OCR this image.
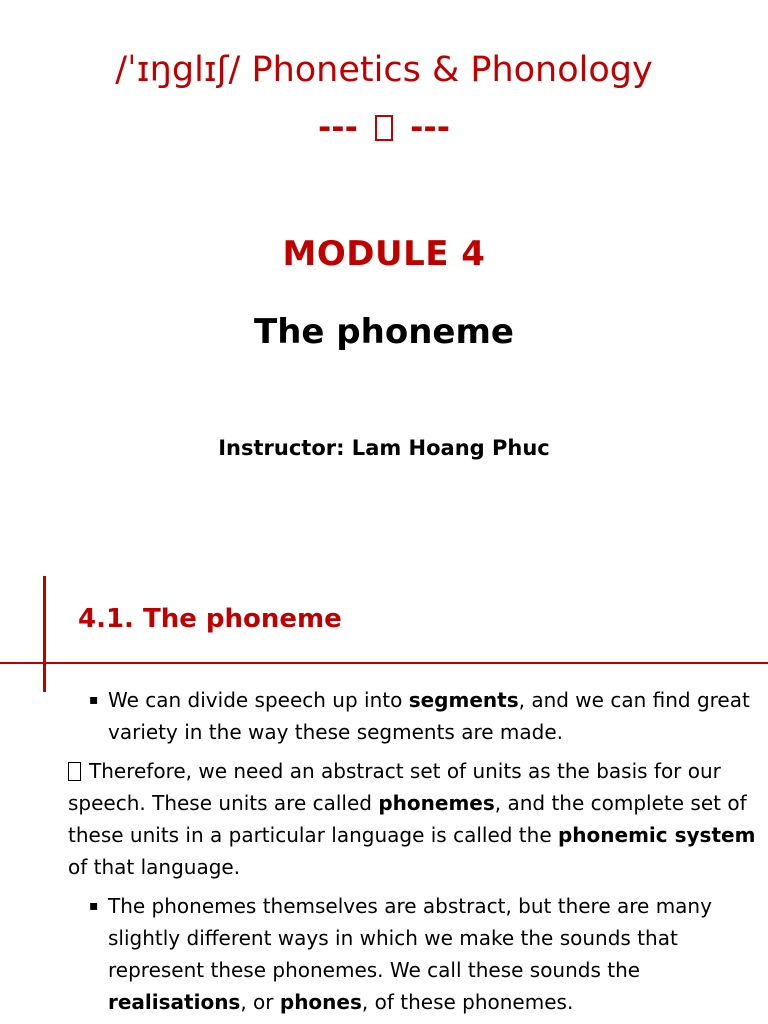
/ˈɪŋglɪʃ/ Phonetics & Phonology
--- ---
MODULE 4
The phoneme
Instructor: Lam Hoang Phuc
4.1. The phoneme
▪ We can divide speech up into segments, and we can find great variety in the way these segments are made.
Therefore, we need an abstract set of units as the basis for our speech. These units are called phonemes, and the complete set of these units in a particular language is called the phonemic system of that language.
▪ The phonemes themselves are abstract, but there are many slightly different ways in which we make the sounds that represent these phonemes. We call these sounds the realisations, or phones, of these phonemes.
